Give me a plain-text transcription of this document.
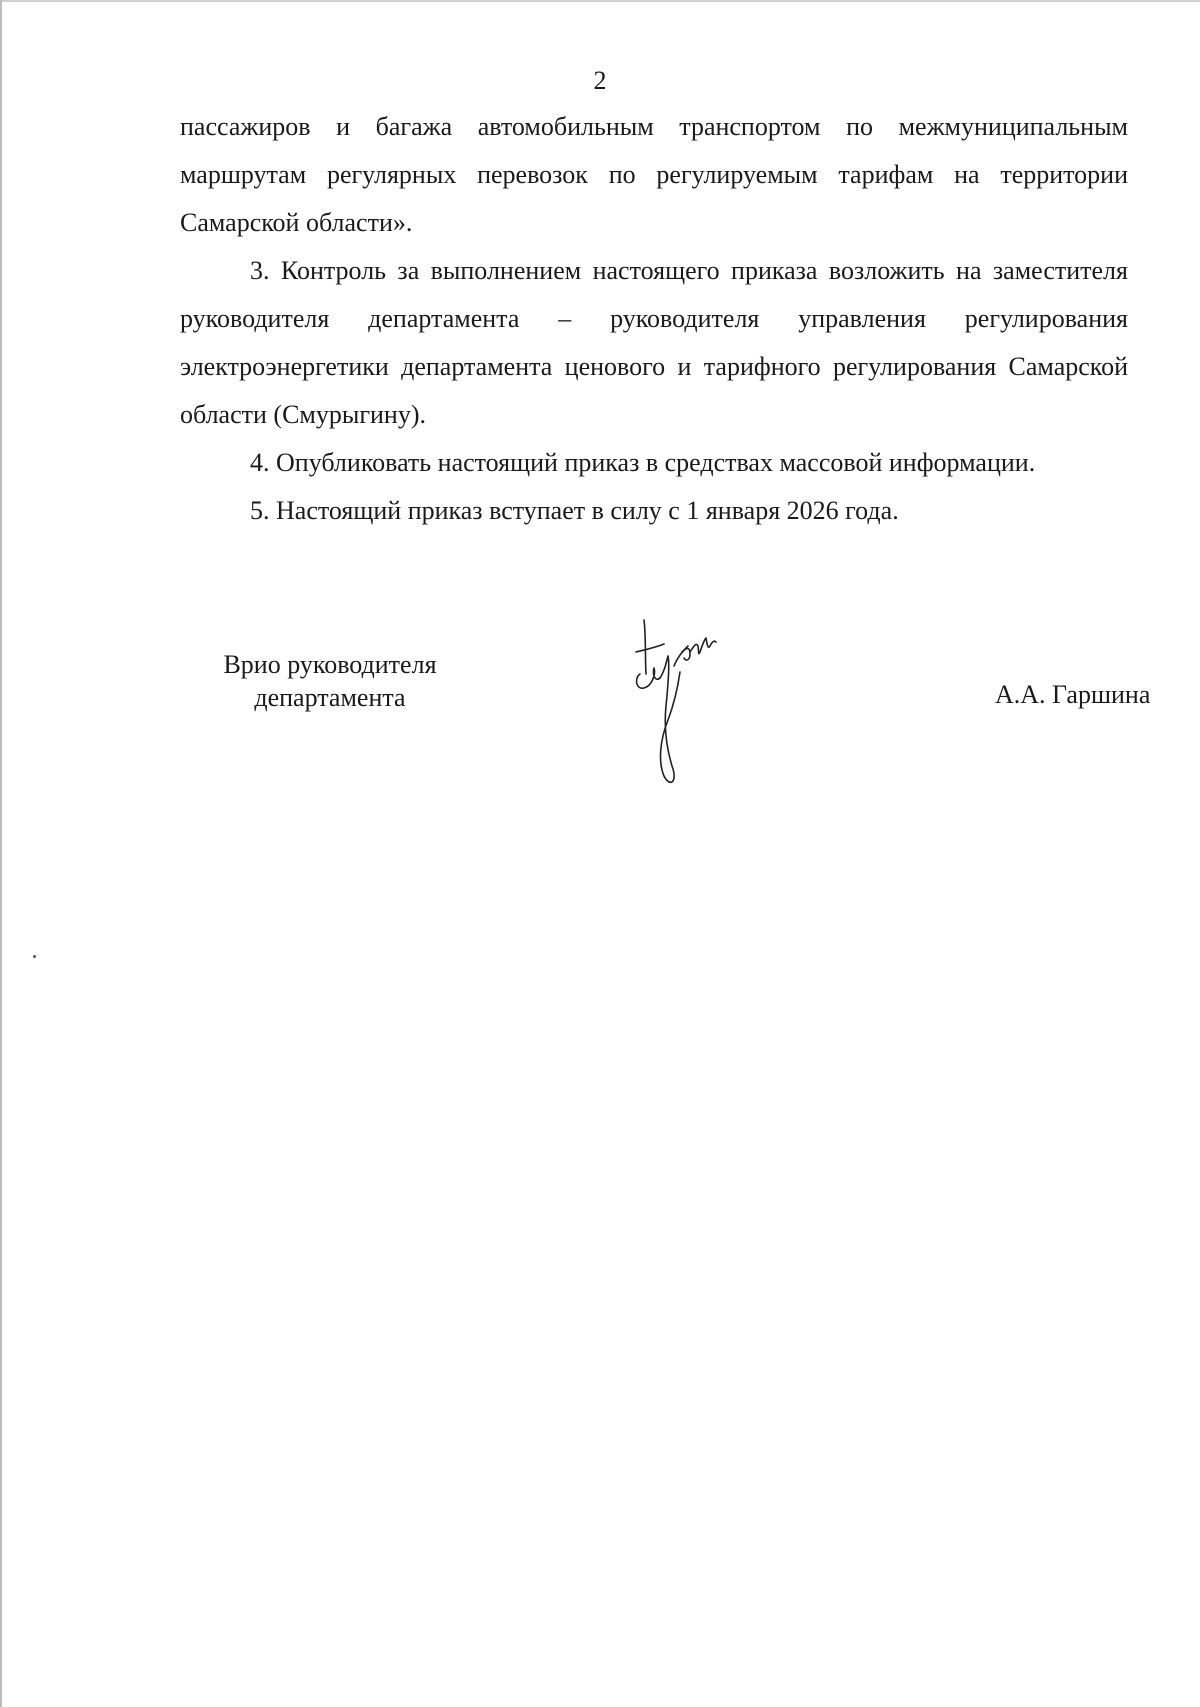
2

пассажиров и багажа автомобильным транспортом по межмуниципальным маршрутам регулярных перевозок по регулируемым тарифам на территории Самарской области».

3. Контроль за выполнением настоящего приказа возложить на заместителя руководителя департамента – руководителя управления регулирования электроэнергетики департамента ценового и тарифного регулирования Самарской области (Смурыгину).

4. Опубликовать настоящий приказ в средствах массовой информации.

5. Настоящий приказ вступает в силу с 1 января 2026 года.

Врио руководителя
департамента	А.А. Гаршина
